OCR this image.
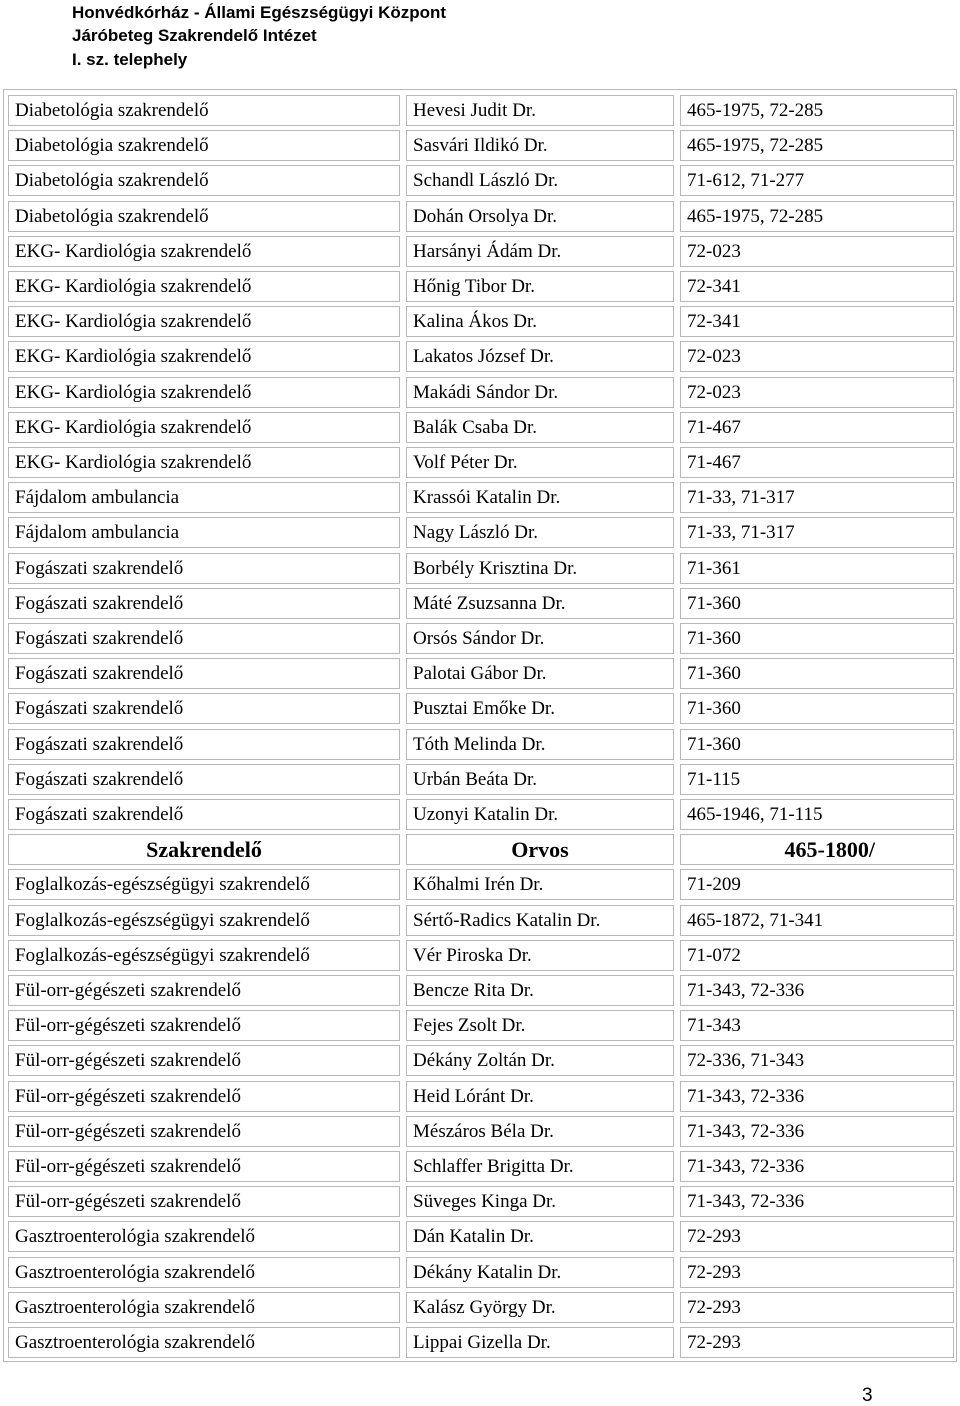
Honvédkórház - Állami Egészségügyi Központ
Járóbeteg Szakrendelő Intézet
I. sz. telephely
Diabetológia szakrendelő	Hevesi Judit Dr.	465-1975, 72-285
Diabetológia szakrendelő	Sasvári Ildikó Dr.	465-1975, 72-285
Diabetológia szakrendelő	Schandl László Dr.	71-612, 71-277
Diabetológia szakrendelő	Dohán Orsolya Dr.	465-1975, 72-285
EKG- Kardiológia szakrendelő	Harsányi Ádám Dr.	72-023
EKG- Kardiológia szakrendelő	Hőnig Tibor Dr.	72-341
EKG- Kardiológia szakrendelő	Kalina Ákos Dr.	72-341
EKG- Kardiológia szakrendelő	Lakatos József Dr.	72-023
EKG- Kardiológia szakrendelő	Makádi Sándor Dr.	72-023
EKG- Kardiológia szakrendelő	Balák Csaba Dr.	71-467
EKG- Kardiológia szakrendelő	Volf Péter Dr.	71-467
Fájdalom ambulancia	Krassói Katalin Dr.	71-33, 71-317
Fájdalom ambulancia	Nagy László Dr.	71-33, 71-317
Fogászati szakrendelő	Borbély Krisztina Dr.	71-361
Fogászati szakrendelő	Máté Zsuzsanna Dr.	71-360
Fogászati szakrendelő	Orsós Sándor Dr.	71-360
Fogászati szakrendelő	Palotai Gábor Dr.	71-360
Fogászati szakrendelő	Pusztai Emőke Dr.	71-360
Fogászati szakrendelő	Tóth Melinda Dr.	71-360
Fogászati szakrendelő	Urbán Beáta Dr.	71-115
Fogászati szakrendelő	Uzonyi Katalin Dr.	465-1946, 71-115
Szakrendelő	Orvos	465-1800/
Foglalkozás-egészségügyi szakrendelő	Kőhalmi Irén Dr.	71-209
Foglalkozás-egészségügyi szakrendelő	Sértő-Radics Katalin Dr.	465-1872, 71-341
Foglalkozás-egészségügyi szakrendelő	Vér Piroska Dr.	71-072
Fül-orr-gégészeti szakrendelő	Bencze Rita Dr.	71-343, 72-336
Fül-orr-gégészeti szakrendelő	Fejes Zsolt Dr.	71-343
Fül-orr-gégészeti szakrendelő	Dékány Zoltán Dr.	72-336, 71-343
Fül-orr-gégészeti szakrendelő	Heid Lóránt Dr.	71-343, 72-336
Fül-orr-gégészeti szakrendelő	Mészáros Béla Dr.	71-343, 72-336
Fül-orr-gégészeti szakrendelő	Schlaffer Brigitta Dr.	71-343, 72-336
Fül-orr-gégészeti szakrendelő	Süveges Kinga Dr.	71-343, 72-336
Gasztroenterológia szakrendelő	Dán Katalin Dr.	72-293
Gasztroenterológia szakrendelő	Dékány Katalin Dr.	72-293
Gasztroenterológia szakrendelő	Kalász György Dr.	72-293
Gasztroenterológia szakrendelő	Lippai Gizella Dr.	72-293
3
